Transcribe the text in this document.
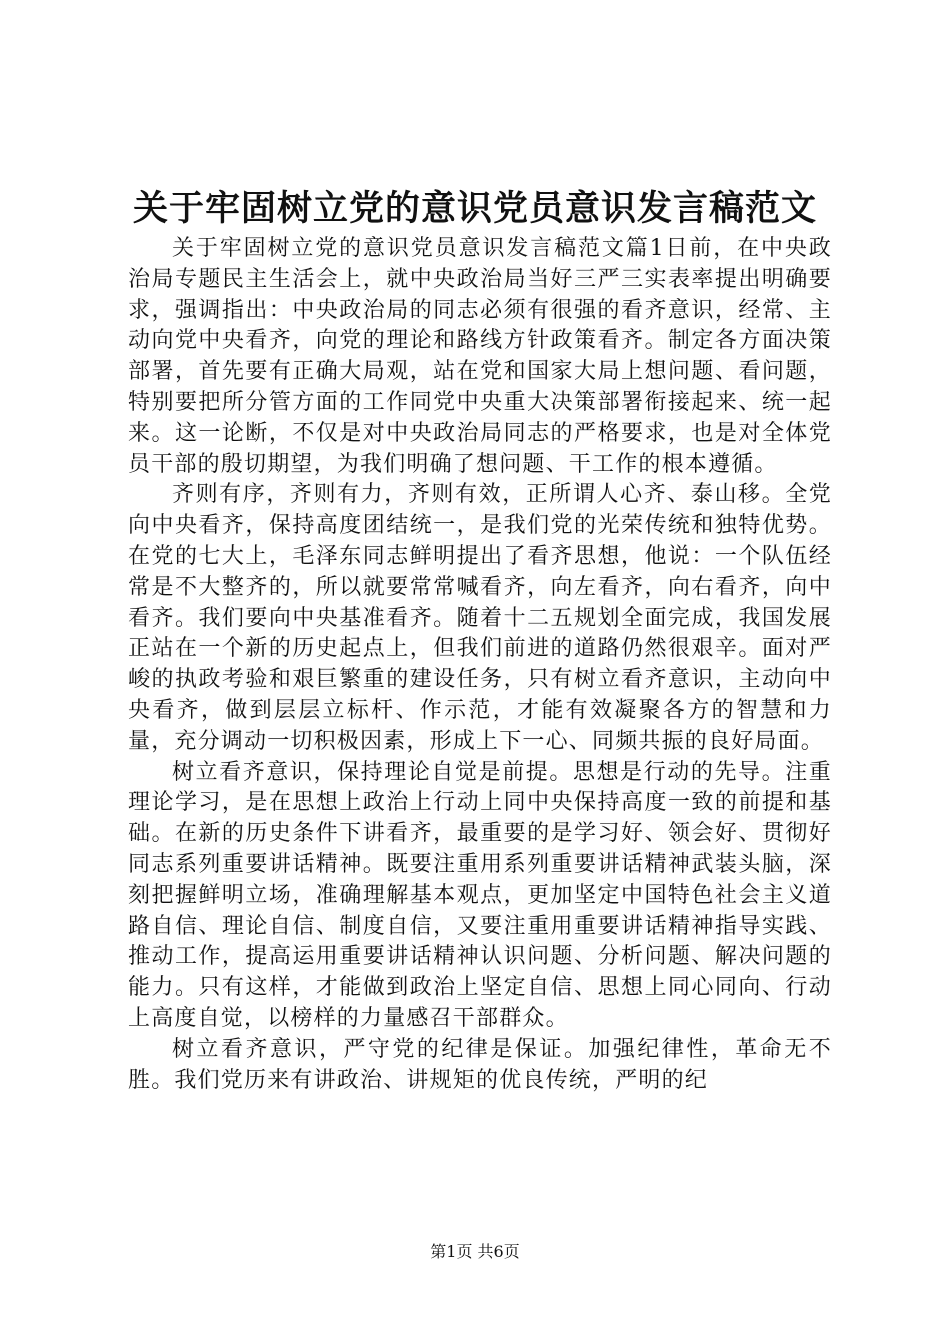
关于牢固树立党的意识党员意识发言稿范文

关于牢固树立党的意识党员意识发言稿范文篇1日前，在中央政治局专题民主生活会上，就中央政治局当好三严三实表率提出明确要求，强调指出：中央政治局的同志必须有很强的看齐意识，经常、主动向党中央看齐，向党的理论和路线方针政策看齐。制定各方面决策部署，首先要有正确大局观，站在党和国家大局上想问题、看问题，特别要把所分管方面的工作同党中央重大决策部署衔接起来、统一起来。这一论断，不仅是对中央政治局同志的严格要求，也是对全体党员干部的殷切期望，为我们明确了想问题、干工作的根本遵循。

齐则有序，齐则有力，齐则有效，正所谓人心齐、泰山移。全党向中央看齐，保持高度团结统一，是我们党的光荣传统和独特优势。在党的七大上，毛泽东同志鲜明提出了看齐思想，他说：一个队伍经常是不大整齐的，所以就要常常喊看齐，向左看齐，向右看齐，向中看齐。我们要向中央基准看齐。随着十二五规划全面完成，我国发展正站在一个新的历史起点上，但我们前进的道路仍然很艰辛。面对严峻的执政考验和艰巨繁重的建设任务，只有树立看齐意识，主动向中央看齐，做到层层立标杆、作示范，才能有效凝聚各方的智慧和力量，充分调动一切积极因素，形成上下一心、同频共振的良好局面。

树立看齐意识，保持理论自觉是前提。思想是行动的先导。注重理论学习，是在思想上政治上行动上同中央保持高度一致的前提和基础。在新的历史条件下讲看齐，最重要的是学习好、领会好、贯彻好同志系列重要讲话精神。既要注重用系列重要讲话精神武装头脑，深刻把握鲜明立场，准确理解基本观点，更加坚定中国特色社会主义道路自信、理论自信、制度自信，又要注重用重要讲话精神指导实践、推动工作，提高运用重要讲话精神认识问题、分析问题、解决问题的能力。只有这样，才能做到政治上坚定自信、思想上同心同向、行动上高度自觉，以榜样的力量感召干部群众。

树立看齐意识，严守党的纪律是保证。加强纪律性，革命无不胜。我们党历来有讲政治、讲规矩的优良传统，严明的纪

第1页 共6页
